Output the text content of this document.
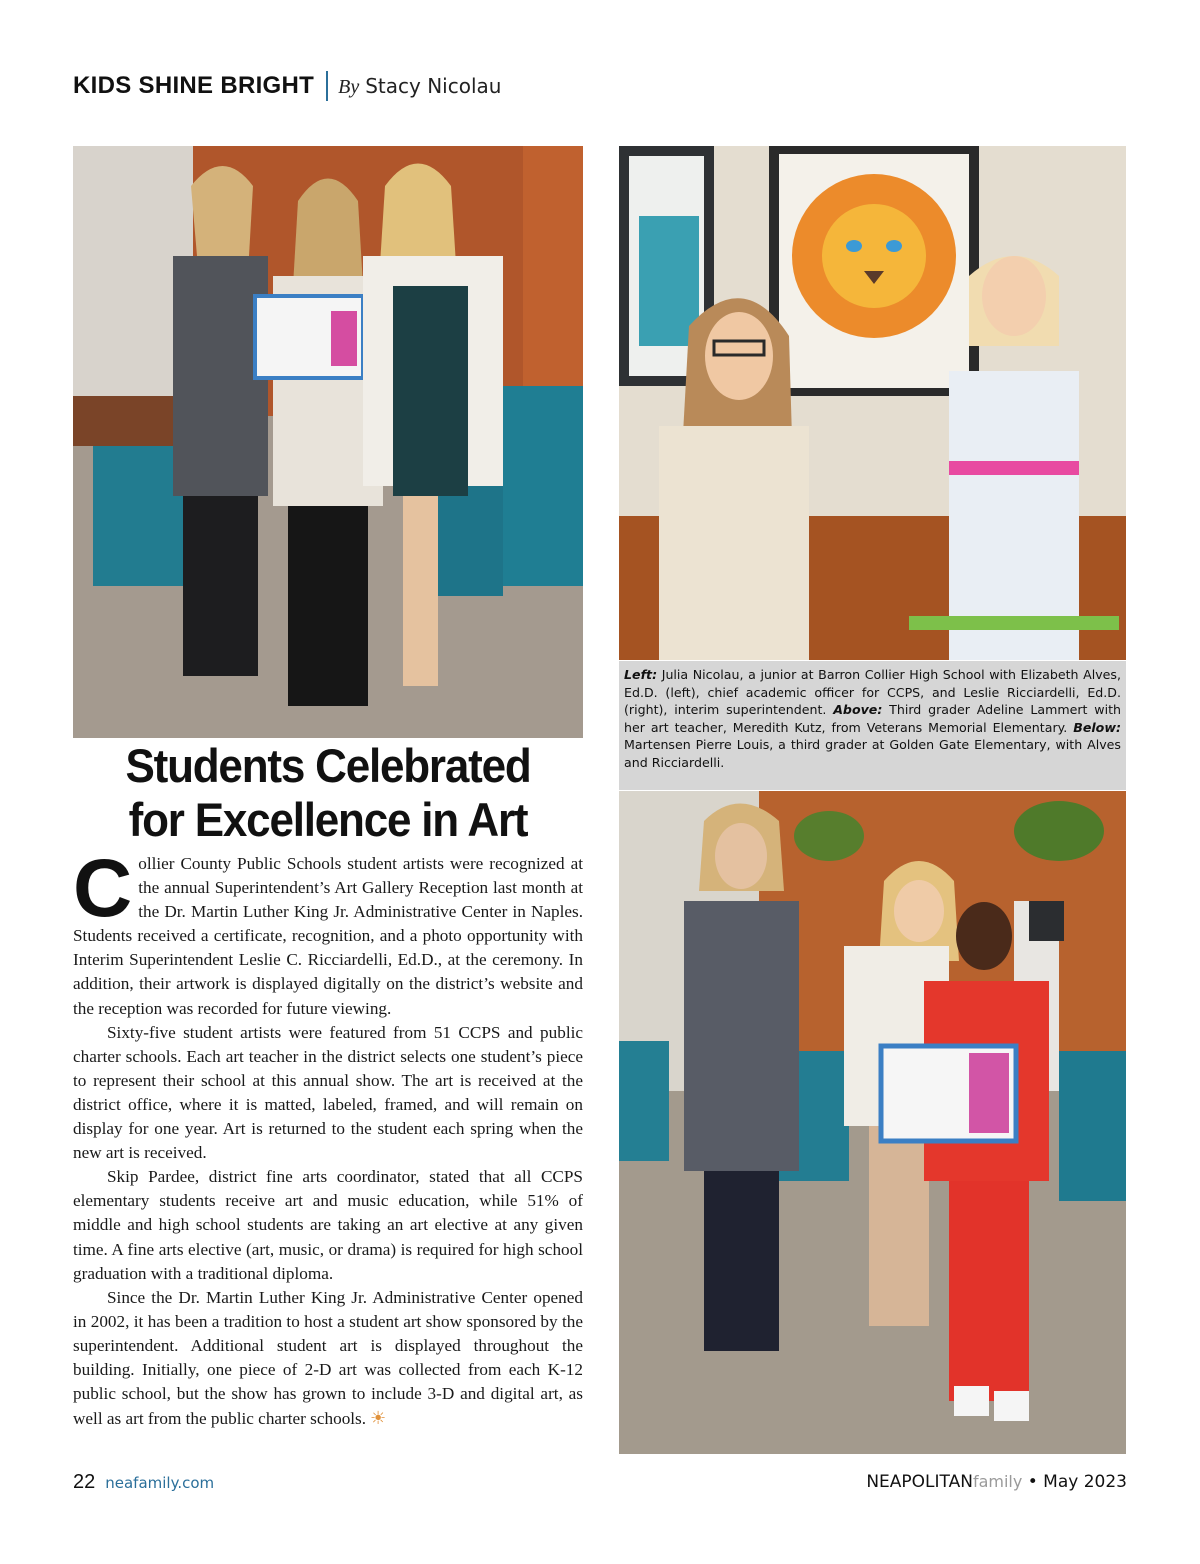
KIDS SHINE BRIGHT By Stacy Nicolau
Left: Julia Nicolau, a junior at Barron Collier High School with Elizabeth Alves, Ed.D. (left), chief academic officer for CCPS, and Leslie Ricciardelli, Ed.D. (right), interim superintendent. Above: Third grader Adeline Lammert with her art teacher, Meredith Kutz, from Veterans Memorial Elementary. Below: Martensen Pierre Louis, a third grader at Golden Gate Elementary, with Alves and Ricciardelli.
Students Celebrated
for Excellence in Art

Collier County Public Schools student artists were recognized at the annual Superintendent’s Art Gallery Reception last month at the Dr. Martin Luther King Jr. Administrative Center in Naples. Students received a certificate, recognition, and a photo opportunity with Interim Superintendent Leslie C. Ricciardelli, Ed.D., at the ceremony. In addition, their artwork is displayed digitally on the district’s website and the reception was recorded for future viewing.

Sixty-five student artists were featured from 51 CCPS and public charter schools. Each art teacher in the district selects one student’s piece to represent their school at this annual show. The art is received at the district office, where it is matted, labeled, framed, and will remain on display for one year. Art is returned to the student each spring when the new art is received.

Skip Pardee, district fine arts coordinator, stated that all CCPS elementary students receive art and music education, while 51% of middle and high school students are taking an art elective at any given time. A fine arts elective (art, music, or drama) is required for high school graduation with a traditional diploma.

Since the Dr. Martin Luther King Jr. Administrative Center opened in 2002, it has been a tradition to host a student art show sponsored by the superintendent. Additional student art is displayed throughout the building. Initially, one piece of 2-D art was collected from each K-12 public school, but the show has grown to include 3-D and digital art, as well as art from the public charter schools. ☀

22 neafamily.com	NEAPOLITANfamily • May 2023
